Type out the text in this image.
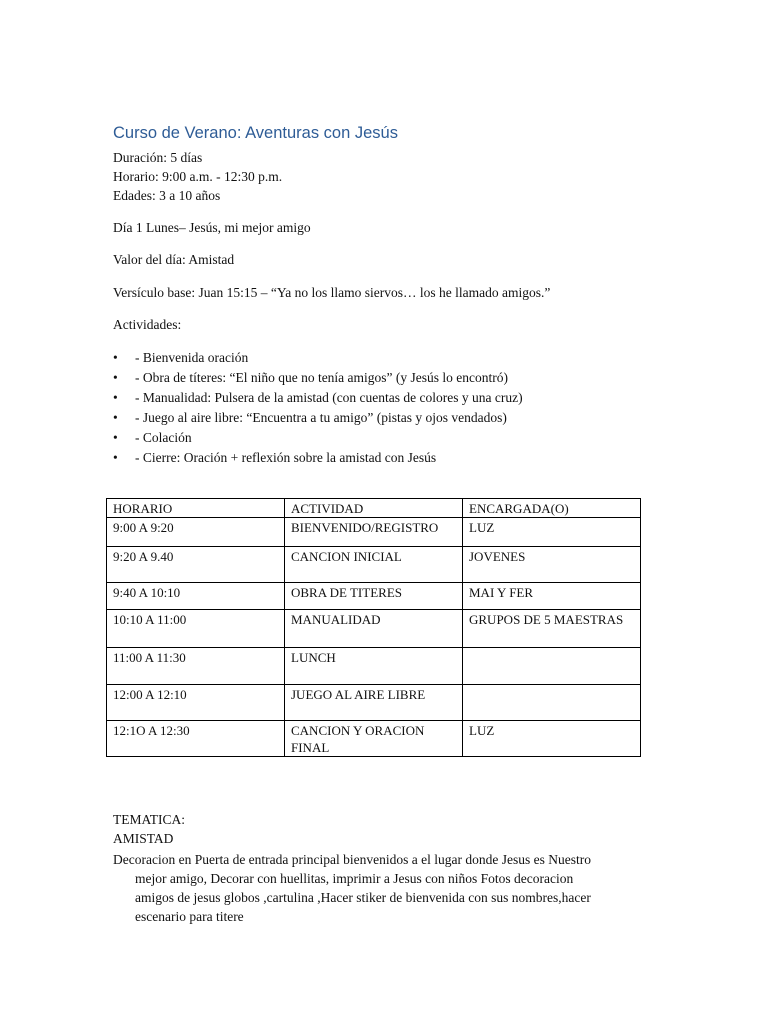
Curso de Verano: Aventuras con Jesús
Duración: 5 días
Horario: 9:00 a.m. - 12:30 p.m.
Edades: 3 a 10 años
Día 1 Lunes– Jesús, mi mejor amigo
Valor del día: Amistad
Versículo base: Juan 15:15 – “Ya no los llamo siervos… los he llamado amigos.”
Actividades:
•	- Bienvenida oración
•	- Obra de títeres: “El niño que no tenía amigos” (y Jesús lo encontró)
•	- Manualidad: Pulsera de la amistad (con cuentas de colores y una cruz)
•	- Juego al aire libre: “Encuentra a tu amigo” (pistas y ojos vendados)
•	- Colación
•	- Cierre: Oración + reflexión sobre la amistad con Jesús
HORARIO	ACTIVIDAD	ENCARGADA(O)
9:00 A 9:20	BIENVENIDO/REGISTRO	LUZ
9:20 A 9.40	CANCION INICIAL	JOVENES
9:40 A 10:10	OBRA DE TITERES	MAI Y FER
10:10 A 11:00	MANUALIDAD	GRUPOS DE 5 MAESTRAS
11:00 A 11:30	LUNCH	
12:00 A 12:10	JUEGO AL AIRE LIBRE	
12:1O A 12:30	CANCION Y ORACION FINAL	LUZ
TEMATICA:
AMISTAD
Decoracion en Puerta de entrada principal bienvenidos a el lugar donde Jesus es Nuestro
mejor amigo, Decorar con huellitas, imprimir a Jesus con niños Fotos decoracion
amigos de jesus globos ,cartulina ,Hacer stiker de bienvenida con sus nombres,hacer
escenario para titere
